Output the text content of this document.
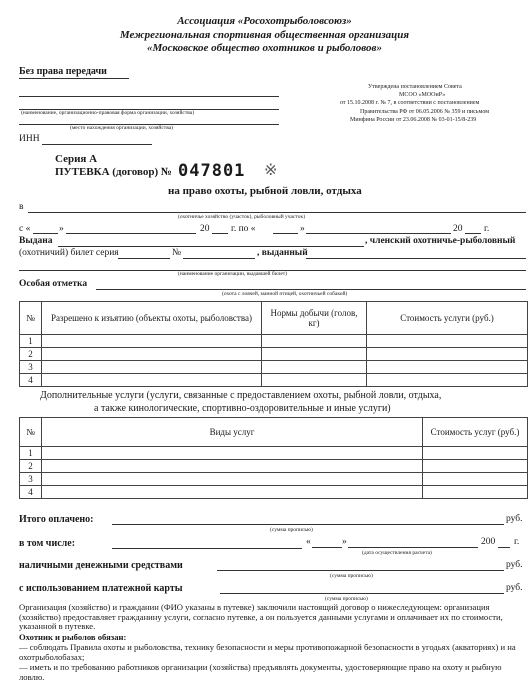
Ассоциация «Росохотрыболовсоюз»
Межрегиональная спортивная общественная организация
«Московское общество охотников и рыболовов»
Без права передачи
Утверждена постановлением Совета
МСОО «МООиР»
от 15.10.2008 г. № 7, в соответствии с постановлением
Правительства РФ от 06.05.2006 № 359 и письмом
Минфина России от 23.06.2008 № 03-01-15/8-239
(наименование, организационно-правовая форма организации, хозяйства)
(место нахождения организации, хозяйства)
ИНН
Серия А
ПУТЕВКА (договор) № 047801 ※
на право охоты, рыбной ловли, отдыха
в
(охотничье хозяйство (участок), рыболовный участок)
с «	»	20 г. по «	»	20 г.
Выдана	, членский охотничье-рыболовный
(охотничий) билет серия	№	, выданный
(наименование организации, выдавшей билет)
Особая отметка
(охота с ловчей, манной птицей, охотничьей собакой)
№	Разрешено к изъятию (объекты охоты, рыболовства)	Нормы добычи (голов, кг)	Стоимость услуги (руб.)
1			
2			
3			
4			
Дополнительные услуги (услуги, связанные с предоставлением охоты, рыбной ловли, отдыха,
а также кинологические, спортивно-оздоровительные и иные услуги)
№	Виды услуг	Стоимость услуг (руб.)
1		
2		
3		
4		
Итого оплачено:	руб.
(сумма прописью)
в том числе:	«	»	200 г.
(дата осуществления расчета)
наличными денежными средствами	руб.
(сумма прописью)
с использованием платежной карты	руб.
(сумма прописью)
Организация (хозяйство) и гражданин (ФИО указаны в путевке) заключили настоящий договор о нижеследующем: организация (хозяйство) предоставляет гражданину услуги, согласно путевке, а он пользуется данными услугами и оплачивает их по стоимости, указанной в путевке.
Охотник и рыболов обязан:
— соблюдать Правила охоты и рыболовства, технику безопасности и меры противопожарной безопасности в угодьях (акваториях) и на охотрыболобазах;
— иметь и по требованию работников организации (хозяйства) предъявлять документы, удостоверяющие право на охоту и рыбную ловлю.
